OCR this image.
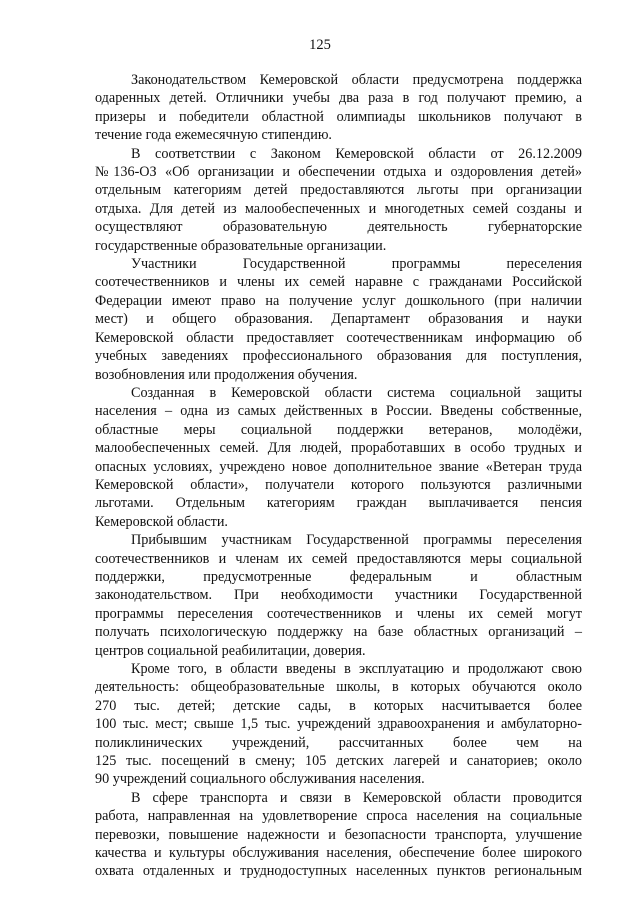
125

Законодательством Кемеровской области предусмотрена поддержка
одаренных детей. Отличники учебы два раза в год получают премию, а
призеры и победители областной олимпиады школьников получают в
течение года ежемесячную стипендию.

В соответствии с Законом Кемеровской области от 26.12.2009
№136-ОЗ «Об организации и обеспечении отдыха и оздоровления детей»
отдельным категориям детей предоставляются льготы при организации
отдыха. Для детей из малообеспеченных и многодетных семей созданы и
осуществляют образовательную деятельность губернаторские
государственные образовательные организации.

Участники Государственной программы переселения
соотечественников и члены их семей наравне с гражданами Российской
Федерации имеют право на получение услуг дошкольного (при наличии
мест) и общего образования. Департамент образования и науки
Кемеровской области предоставляет соотечественникам информацию об
учебных заведениях профессионального образования для поступления,
возобновления или продолжения обучения.

Созданная в Кемеровской области система социальной защиты
населения – одна из самых действенных в России. Введены собственные,
областные меры социальной поддержки ветеранов, молодёжи,
малообеспеченных семей. Для людей, проработавших в особо трудных и
опасных условиях, учреждено новое дополнительное звание «Ветеран труда
Кемеровской области», получатели которого пользуются различными
льготами. Отдельным категориям граждан выплачивается пенсия
Кемеровской области.

Прибывшим участникам Государственной программы переселения
соотечественников и членам их семей предоставляются меры социальной
поддержки, предусмотренные федеральным и областным
законодательством. При необходимости участники Государственной
программы переселения соотечественников и члены их семей могут
получать психологическую поддержку на базе областных организаций –
центров социальной реабилитации, доверия.

Кроме того, в области введены в эксплуатацию и продолжают свою
деятельность: общеобразовательные школы, в которых обучаются около
270 тыс. детей; детские сады, в которых насчитывается более
100 тыс. мест; свыше 1,5 тыс. учреждений здравоохранения и амбулаторно-
поликлинических учреждений, рассчитанных более чем на
125 тыс. посещений в смену; 105 детских лагерей и санаториев; около
90 учреждений социального обслуживания населения.

В сфере транспорта и связи в Кемеровской области проводится
работа, направленная на удовлетворение спроса населения на социальные
перевозки, повышение надежности и безопасности транспорта, улучшение
качества и культуры обслуживания населения, обеспечение более широкого
охвата отдаленных и труднодоступных населенных пунктов региональным
